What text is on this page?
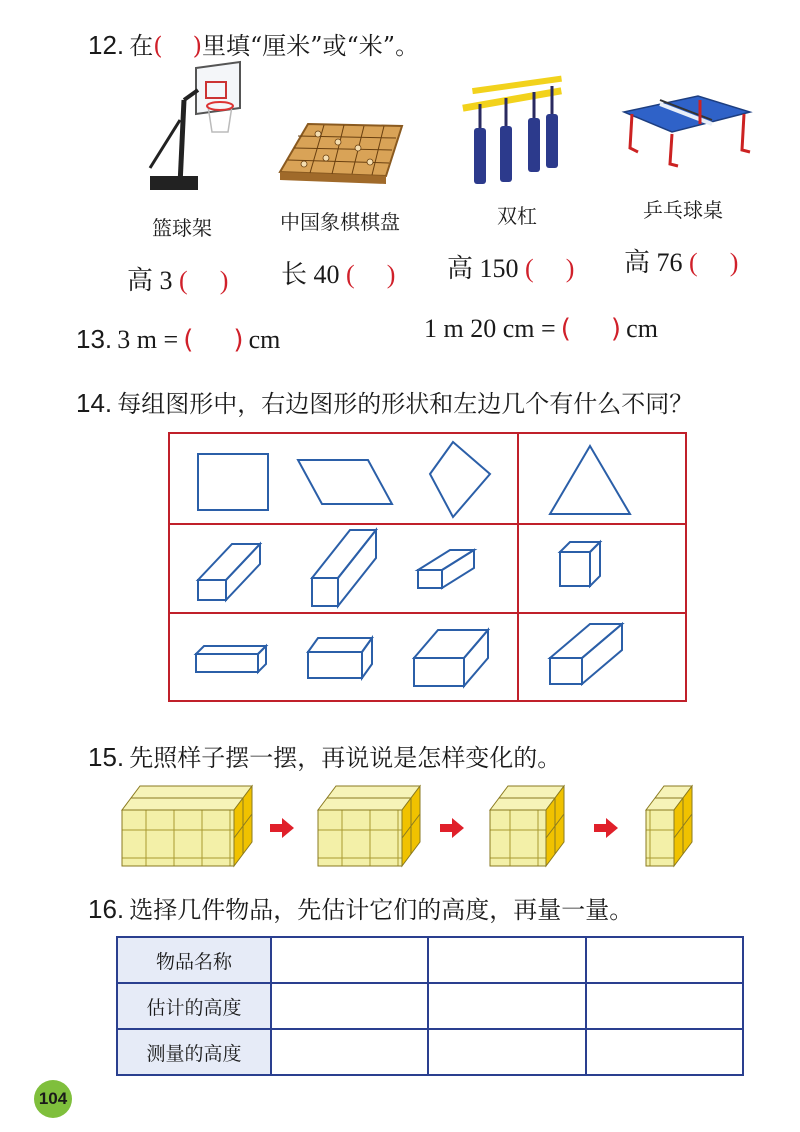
12. 在( )里填“厘米”或“米”。
篮球架	中国象棋棋盘	双杠	乒乓球桌
高 3 ( ) 长 40 ( ) 高 150 ( ) 高 76 ( )
13. 3 m = ( ) cm	1 m 20 cm = ( ) cm
14. 每组图形中，右边图形的形状和左边几个有什么不同？
15. 先照样子摆一摆，再说说是怎样变化的。
16. 选择几件物品，先估计它们的高度，再量一量。
物品名称			
估计的高度			
测量的高度			
104
